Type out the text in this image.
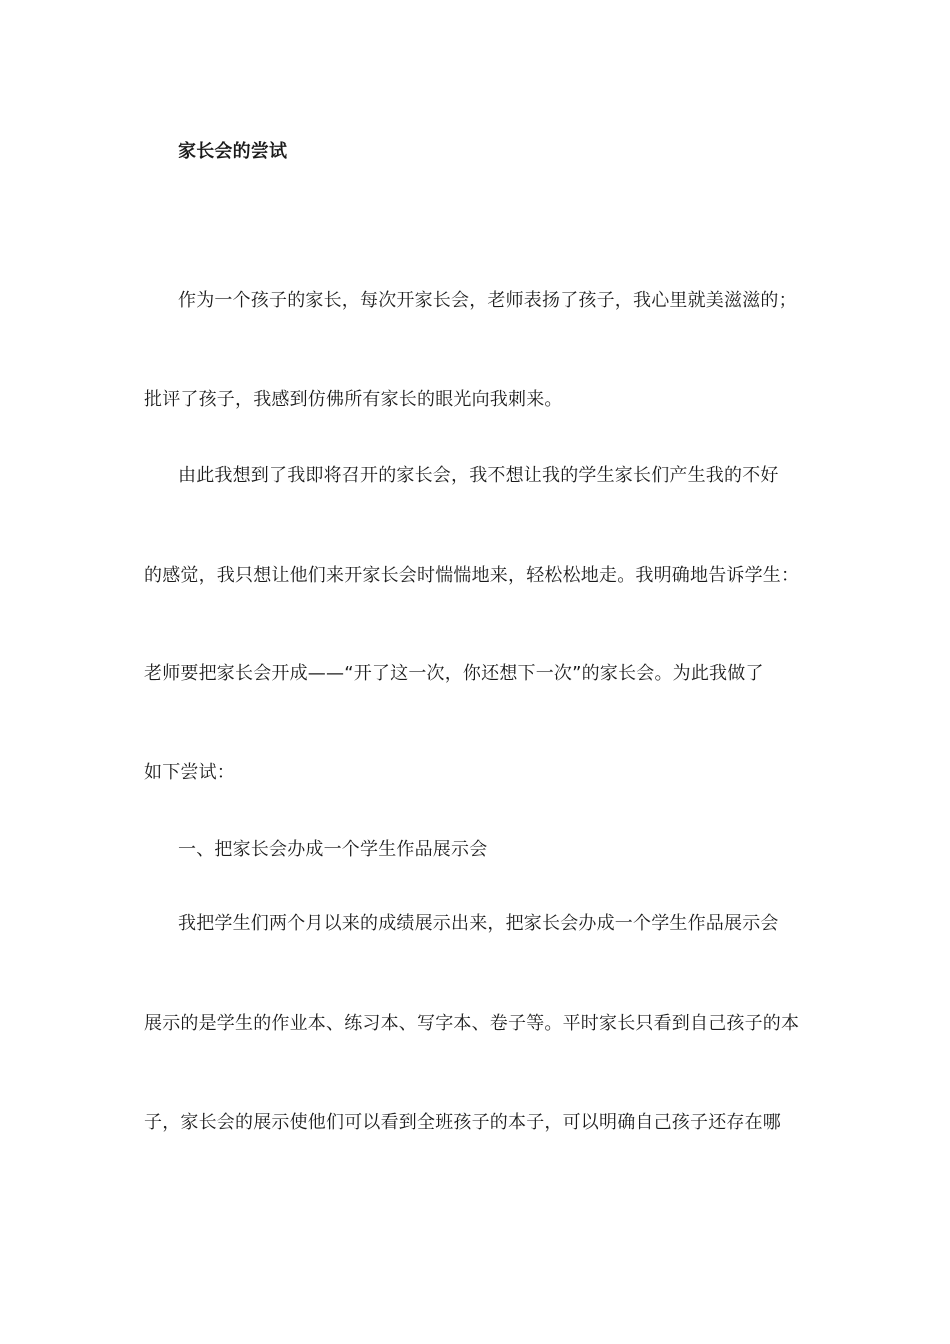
家长会的尝试

作为一个孩子的家长，每次开家长会，老师表扬了孩子，我心里就美滋滋的；

批评了孩子，我感到仿佛所有家长的眼光向我刺来。

由此我想到了我即将召开的家长会，我不想让我的学生家长们产生我的不好

的感觉，我只想让他们来开家长会时惴惴地来，轻松松地走。我明确地告诉学生：

老师要把家长会开成——“开了这一次，你还想下一次”的家长会。为此我做了

如下尝试：

一、把家长会办成一个学生作品展示会

我把学生们两个月以来的成绩展示出来，把家长会办成一个学生作品展示会

展示的是学生的作业本、练习本、写字本、卷子等。平时家长只看到自己孩子的本

子，家长会的展示使他们可以看到全班孩子的本子，可以明确自己孩子还存在哪
